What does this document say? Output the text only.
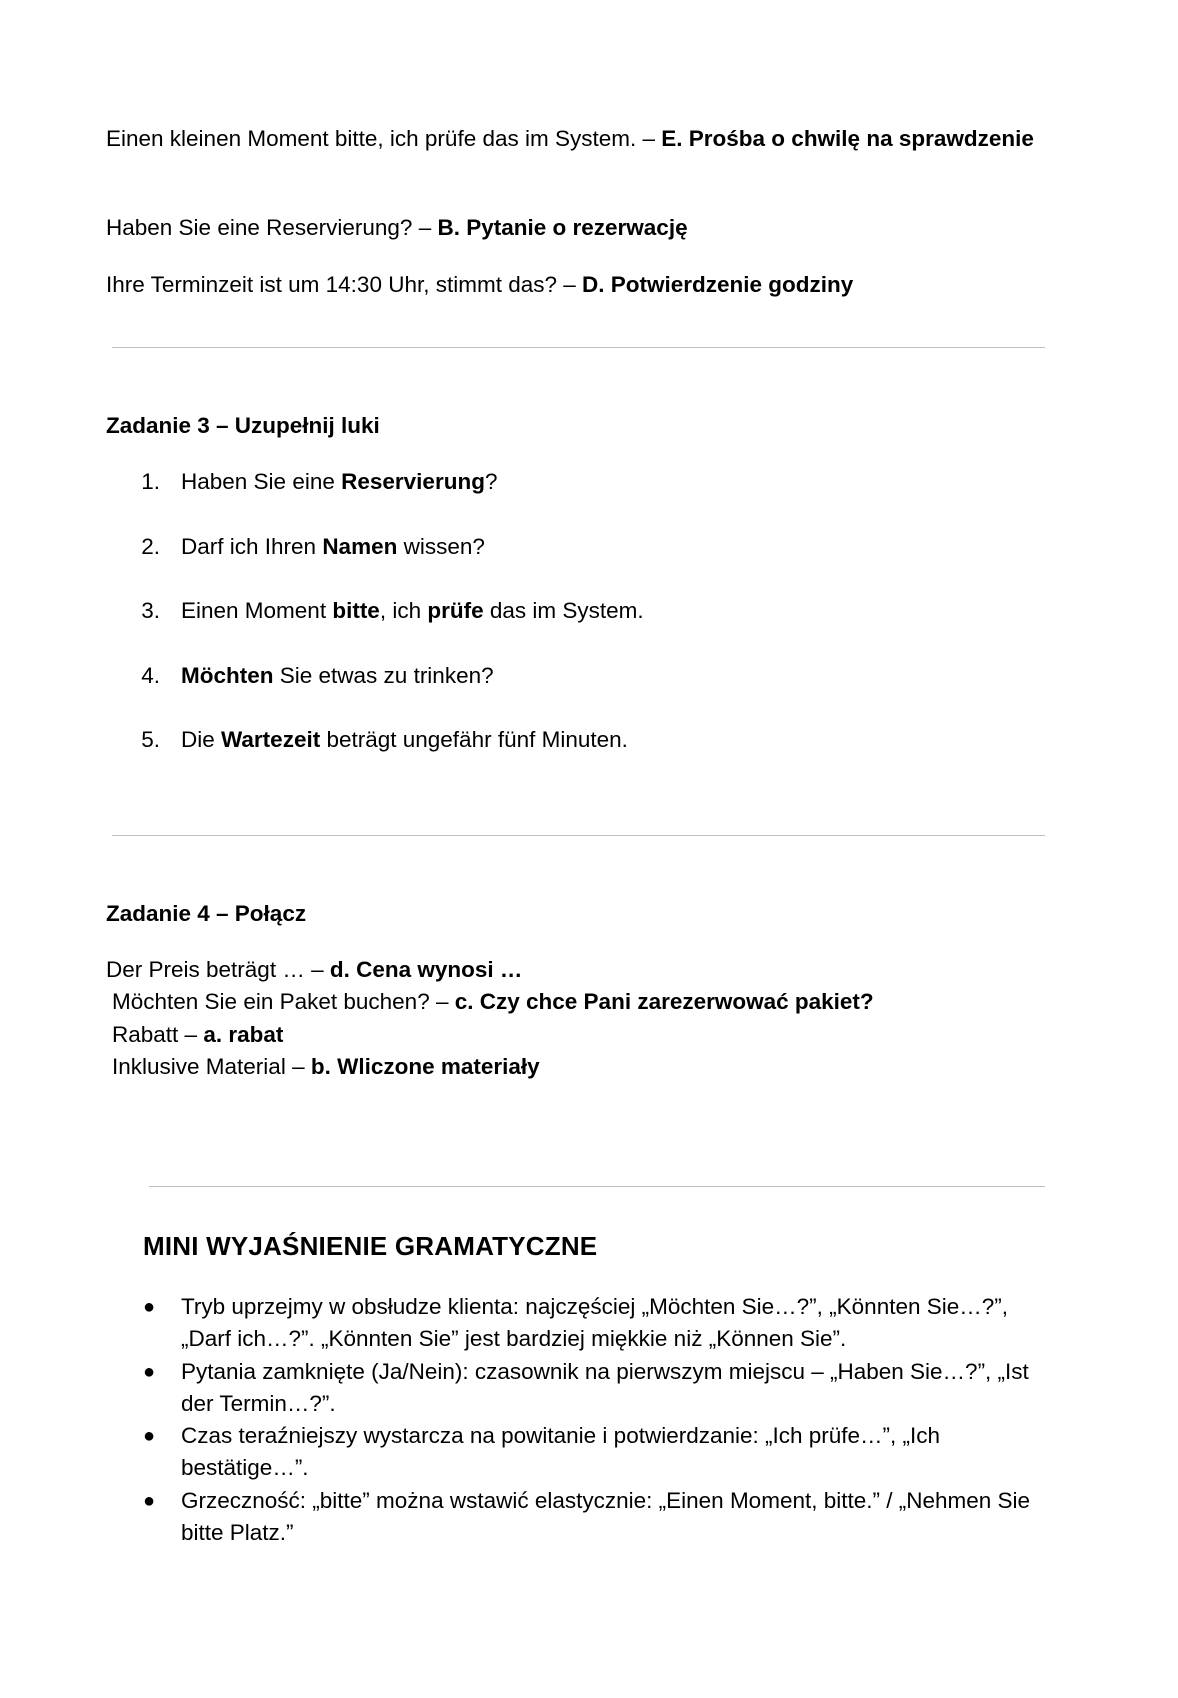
Einen kleinen Moment bitte, ich prüfe das im System. – E. Prośba o chwilę na sprawdzenie
Haben Sie eine Reservierung? – B. Pytanie o rezerwację
Ihre Terminzeit ist um 14:30 Uhr, stimmt das? – D. Potwierdzenie godziny
Zadanie 3 – Uzupełnij luki
1. Haben Sie eine Reservierung?
2. Darf ich Ihren Namen wissen?
3. Einen Moment bitte, ich prüfe das im System.
4. Möchten Sie etwas zu trinken?
5. Die Wartezeit beträgt ungefähr fünf Minuten.
Zadanie 4 – Połącz
Der Preis beträgt … – d. Cena wynosi …
Möchten Sie ein Paket buchen? – c. Czy chce Pani zarezerwować pakiet?
Rabatt – a. rabat
Inklusive Material – b. Wliczone materiały
MINI WYJAŚNIENIE GRAMATYCZNE
● Tryb uprzejmy w obsłudze klienta: najczęściej „Möchten Sie…?”, „Könnten Sie…?”, „Darf ich…?”. „Könnten Sie” jest bardziej miękkie niż „Können Sie”.
● Pytania zamknięte (Ja/Nein): czasownik na pierwszym miejscu – „Haben Sie…?”, „Ist der Termin…?”.
● Czas teraźniejszy wystarcza na powitanie i potwierdzanie: „Ich prüfe…”, „Ich bestätige…”.
● Grzeczność: „bitte” można wstawić elastycznie: „Einen Moment, bitte.” / „Nehmen Sie bitte Platz.”
